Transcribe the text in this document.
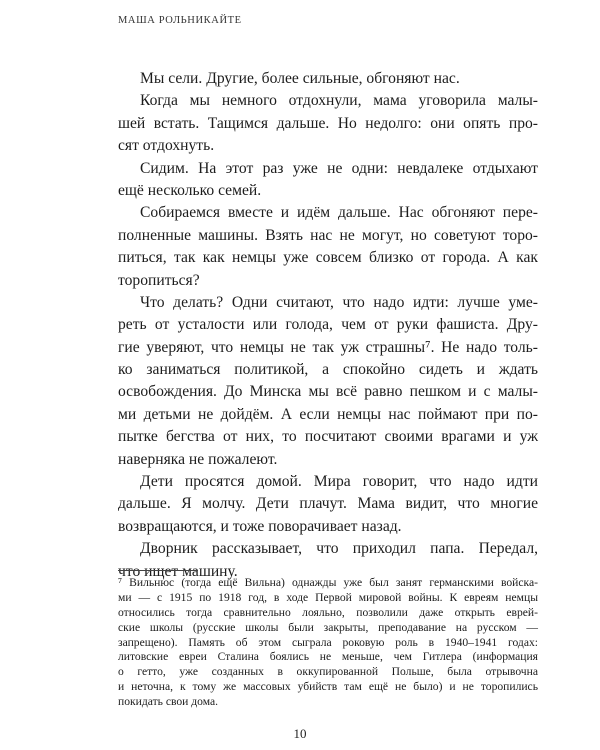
МАША РОЛЬНИКАЙТЕ
Мы сели. Другие, более сильные, обгоняют нас.
Когда мы немного отдохнули, мама уговорила малы-
шей встать. Тащимся дальше. Но недолго: они опять про-
сят отдохнуть.
Сидим. На этот раз уже не одни: невдалеке отдыхают
ещё несколько семей.
Собираемся вместе и идём дальше. Нас обгоняют пере-
полненные машины. Взять нас не могут, но советуют торо-
питься, так как немцы уже совсем близко от города. А как
торопиться?
Что делать? Одни считают, что надо идти: лучше уме-
реть от усталости или голода, чем от руки фашиста. Дру-
гие уверяют, что немцы не так уж страшны⁷. Не надо толь-
ко заниматься политикой, а спокойно сидеть и ждать
освобождения. До Минска мы всё равно пешком и с малы-
ми детьми не дойдём. А если немцы нас поймают при по-
пытке бегства от них, то посчитают своими врагами и уж
наверняка не пожалеют.
Дети просятся домой. Мира говорит, что надо идти
дальше. Я молчу. Дети плачут. Мама видит, что многие
возвращаются, и тоже поворачивает назад.
Дворник рассказывает, что приходил папа. Передал,
что ищет машину.
⁷ Вильнюс (тогда ещё Вильна) однажды уже был занят германскими войска-
ми — с 1915 по 1918 год, в ходе Первой мировой войны. К евреям немцы
относились тогда сравнительно лояльно, позволили даже открыть еврей-
ские школы (русские школы были закрыты, преподавание на русском —
запрещено). Память об этом сыграла роковую роль в 1940–1941 годах:
литовские евреи Сталина боялись не меньше, чем Гитлера (информация
о гетто, уже созданных в оккупированной Польше, была отрывочна
и неточна, к тому же массовых убийств там ещё не было) и не торопились
покидать свои дома.
10
